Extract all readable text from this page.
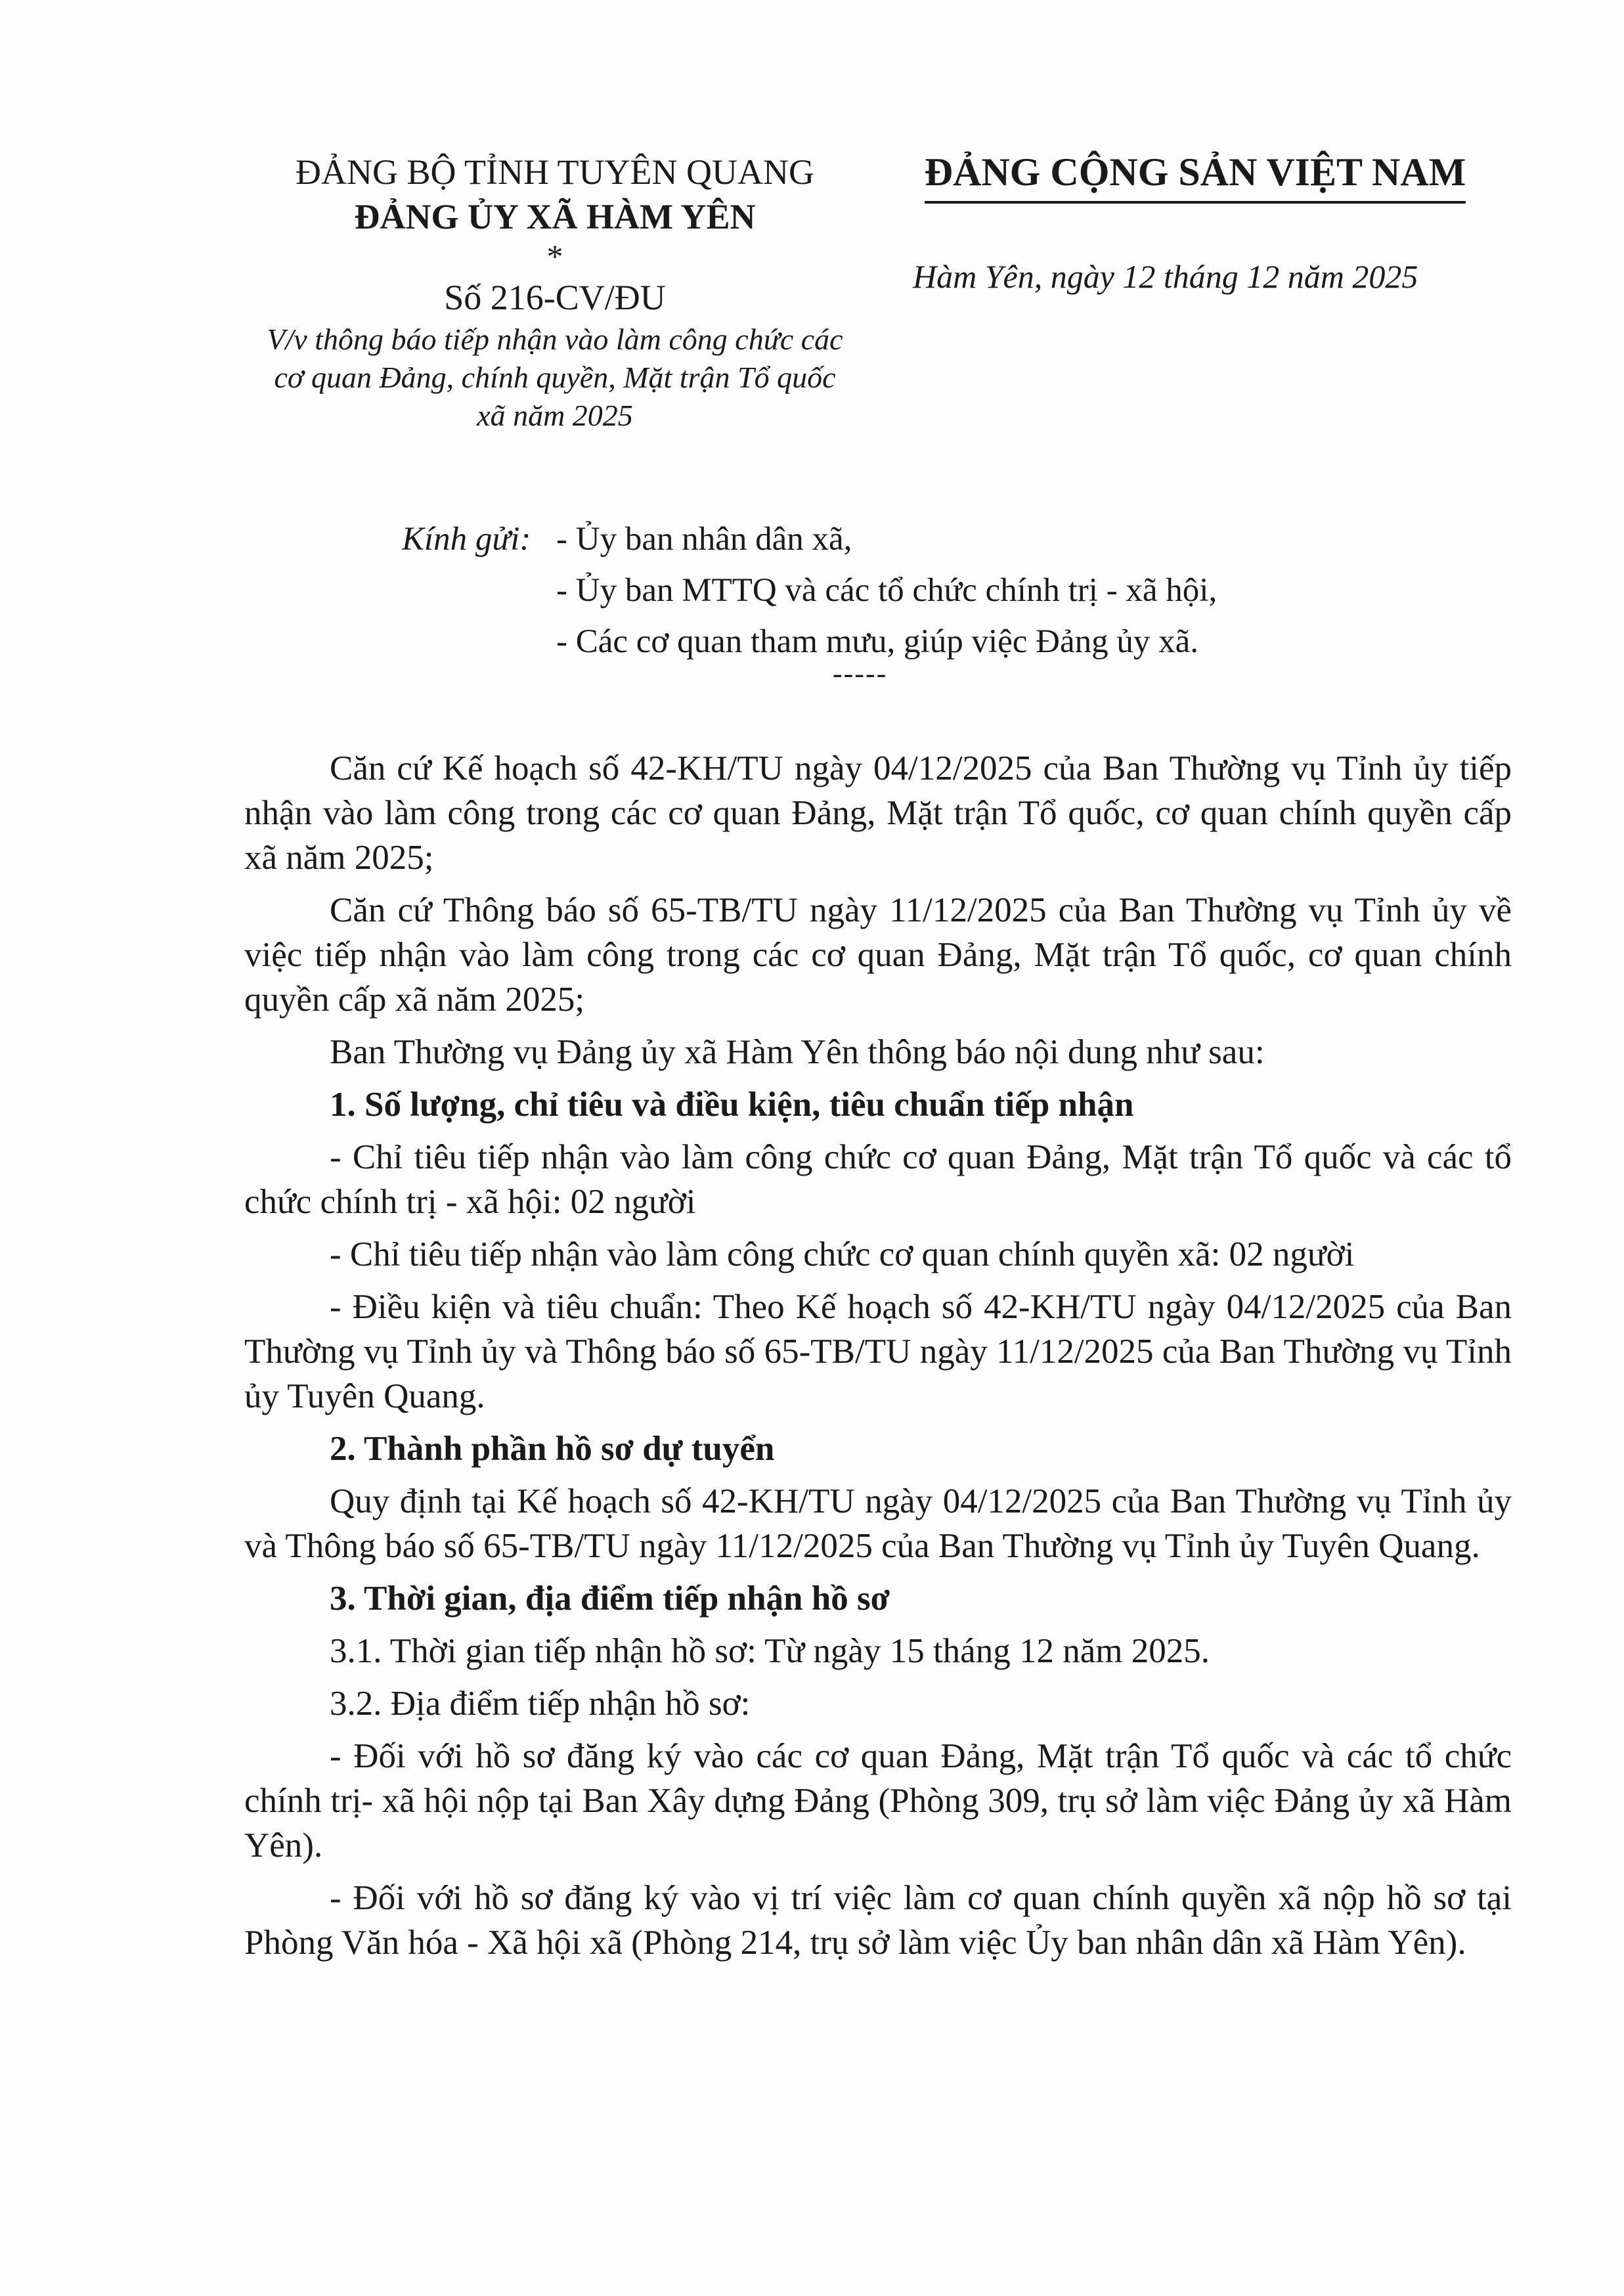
ĐẢNG BỘ TỈNH TUYÊN QUANG
ĐẢNG ỦY XÃ HÀM YÊN
*
Số 216-CV/ĐU
V/v thông báo tiếp nhận vào làm công chức các cơ quan Đảng, chính quyền, Mặt trận Tổ quốc xã năm 2025
ĐẢNG CỘNG SẢN VIỆT NAM
Hàm Yên, ngày 12 tháng 12 năm 2025
Kính gửi: - Ủy ban nhân dân xã,
- Ủy ban MTTQ và các tổ chức chính trị - xã hội,
- Các cơ quan tham mưu, giúp việc Đảng ủy xã.
-----

Căn cứ Kế hoạch số 42-KH/TU ngày 04/12/2025 của Ban Thường vụ Tỉnh ủy tiếp nhận vào làm công trong các cơ quan Đảng, Mặt trận Tổ quốc, cơ quan chính quyền cấp xã năm 2025;

Căn cứ Thông báo số 65-TB/TU ngày 11/12/2025 của Ban Thường vụ Tỉnh ủy về việc tiếp nhận vào làm công trong các cơ quan Đảng, Mặt trận Tổ quốc, cơ quan chính quyền cấp xã năm 2025;

Ban Thường vụ Đảng ủy xã Hàm Yên thông báo nội dung như sau:

1. Số lượng, chỉ tiêu và điều kiện, tiêu chuẩn tiếp nhận

- Chỉ tiêu tiếp nhận vào làm công chức cơ quan Đảng, Mặt trận Tổ quốc và các tổ chức chính trị - xã hội: 02 người

- Chỉ tiêu tiếp nhận vào làm công chức cơ quan chính quyền xã: 02 người

- Điều kiện và tiêu chuẩn: Theo Kế hoạch số 42-KH/TU ngày 04/12/2025 của Ban Thường vụ Tỉnh ủy và Thông báo số 65-TB/TU ngày 11/12/2025 của Ban Thường vụ Tỉnh ủy Tuyên Quang.

2. Thành phần hồ sơ dự tuyển

Quy định tại Kế hoạch số 42-KH/TU ngày 04/12/2025 của Ban Thường vụ Tỉnh ủy và Thông báo số 65-TB/TU ngày 11/12/2025 của Ban Thường vụ Tỉnh ủy Tuyên Quang.

3. Thời gian, địa điểm tiếp nhận hồ sơ

3.1. Thời gian tiếp nhận hồ sơ: Từ ngày 15 tháng 12 năm 2025.

3.2. Địa điểm tiếp nhận hồ sơ:

- Đối với hồ sơ đăng ký vào các cơ quan Đảng, Mặt trận Tổ quốc và các tổ chức chính trị- xã hội nộp tại Ban Xây dựng Đảng (Phòng 309, trụ sở làm việc Đảng ủy xã Hàm Yên).

- Đối với hồ sơ đăng ký vào vị trí việc làm cơ quan chính quyền xã nộp hồ sơ tại Phòng Văn hóa - Xã hội xã (Phòng 214, trụ sở làm việc Ủy ban nhân dân xã Hàm Yên).
